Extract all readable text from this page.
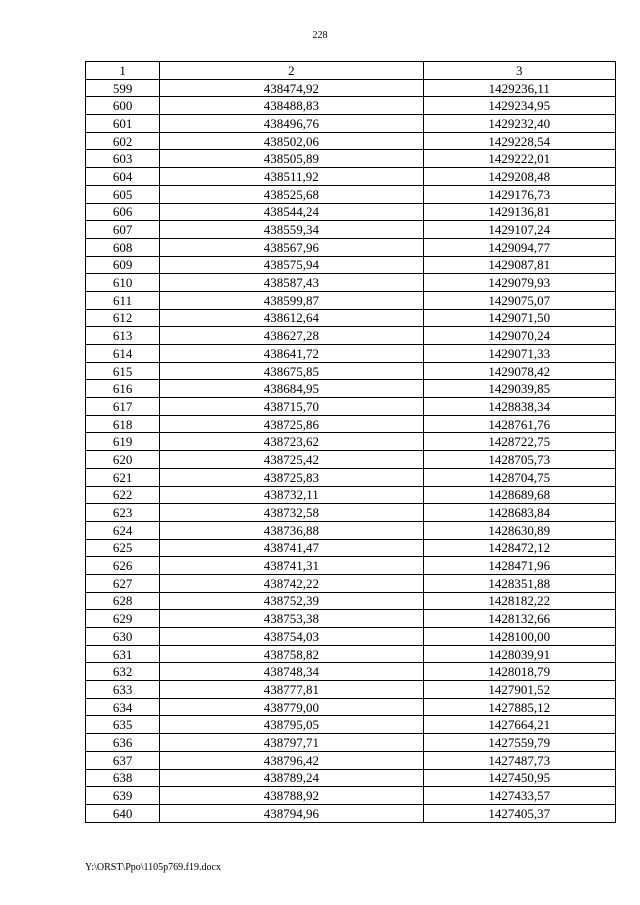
228
1	2	3
599	438474,92	1429236,11
600	438488,83	1429234,95
601	438496,76	1429232,40
602	438502,06	1429228,54
603	438505,89	1429222,01
604	438511,92	1429208,48
605	438525,68	1429176,73
606	438544,24	1429136,81
607	438559,34	1429107,24
608	438567,96	1429094,77
609	438575,94	1429087,81
610	438587,43	1429079,93
611	438599,87	1429075,07
612	438612,64	1429071,50
613	438627,28	1429070,24
614	438641,72	1429071,33
615	438675,85	1429078,42
616	438684,95	1429039,85
617	438715,70	1428838,34
618	438725,86	1428761,76
619	438723,62	1428722,75
620	438725,42	1428705,73
621	438725,83	1428704,75
622	438732,11	1428689,68
623	438732,58	1428683,84
624	438736,88	1428630,89
625	438741,47	1428472,12
626	438741,31	1428471,96
627	438742,22	1428351,88
628	438752,39	1428182,22
629	438753,38	1428132,66
630	438754,03	1428100,00
631	438758,82	1428039,91
632	438748,34	1428018,79
633	438777,81	1427901,52
634	438779,00	1427885,12
635	438795,05	1427664,21
636	438797,71	1427559,79
637	438796,42	1427487,73
638	438789,24	1427450,95
639	438788,92	1427433,57
640	438794,96	1427405,37
Y:\ORST\Ppo\1105p769.f19.docx
